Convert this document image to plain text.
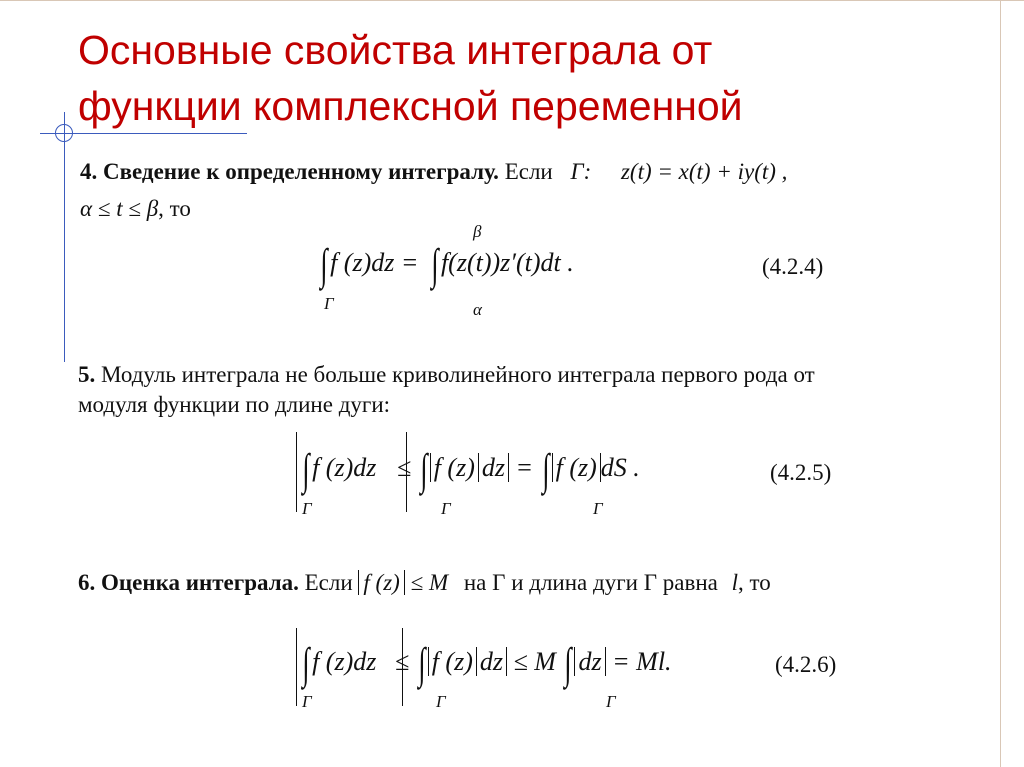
Основные свойства интеграла от
функции комплексной переменной
4. Сведение к определенному интегралу. Если Γ: z(t) = x(t) + iy(t) ,
α ≤ t ≤ β, то
∫f (z)dz = ∫f(z(t))z′(t)dt .
Γ
β
α
(4.2.4)
5. Модуль интеграла не больше криволинейного интеграла первого рода от
модуля функции по длине дуги:
∫f (z)dz ≤ ∫ f (z) dz = ∫ f (z) dS .
Γ	Γ	Γ
(4.2.5)
6. Оценка интеграла. Если f (z) ≤ M на Γ и длина дуги Γ равна l, то
∫f (z)dz ≤ ∫ f (z) dz ≤ M ∫ dz = Ml.
Γ	Γ	Γ
(4.2.6)
